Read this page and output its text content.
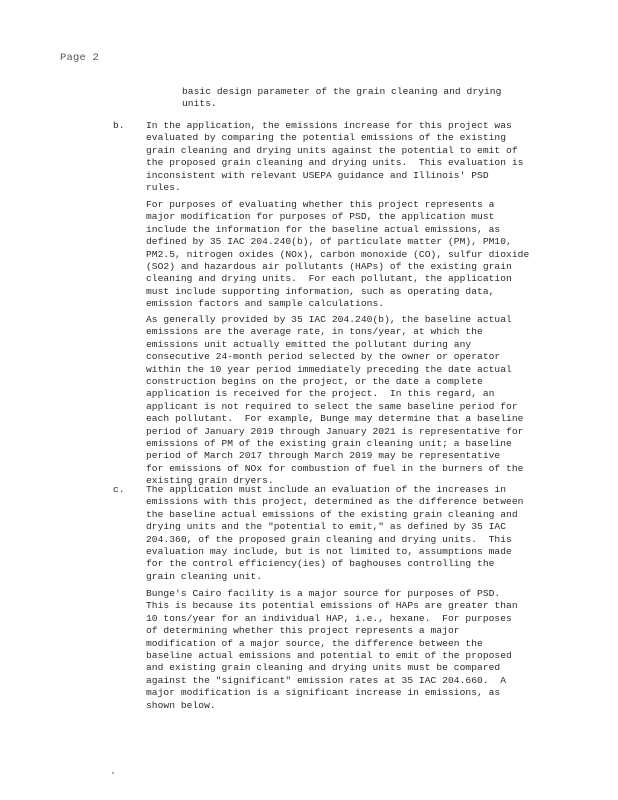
Page 2
basic design parameter of the grain cleaning and drying
units.
b. In the application, the emissions increase for this project was
evaluated by comparing the potential emissions of the existing
grain cleaning and drying units against the potential to emit of
the proposed grain cleaning and drying units.  This evaluation is
inconsistent with relevant USEPA guidance and Illinois' PSD
rules.
For purposes of evaluating whether this project represents a
major modification for purposes of PSD, the application must
include the information for the baseline actual emissions, as
defined by 35 IAC 204.240(b), of particulate matter (PM), PM10,
PM2.5, nitrogen oxides (NOx), carbon monoxide (CO), sulfur dioxide
(SO2) and hazardous air pollutants (HAPs) of the existing grain
cleaning and drying units.  For each pollutant, the application
must include supporting information, such as operating data,
emission factors and sample calculations.
As generally provided by 35 IAC 204.240(b), the baseline actual
emissions are the average rate, in tons/year, at which the
emissions unit actually emitted the pollutant during any
consecutive 24-month period selected by the owner or operator
within the 10 year period immediately preceding the date actual
construction begins on the project, or the date a complete
application is received for the project.  In this regard, an
applicant is not required to select the same baseline period for
each pollutant.  For example, Bunge may determine that a baseline
period of January 2019 through January 2021 is representative for
emissions of PM of the existing grain cleaning unit; a baseline
period of March 2017 through March 2019 may be representative
for emissions of NOx for combustion of fuel in the burners of the
existing grain dryers.
c. The application must include an evaluation of the increases in
emissions with this project, determined as the difference between
the baseline actual emissions of the existing grain cleaning and
drying units and the "potential to emit," as defined by 35 IAC
204.360, of the proposed grain cleaning and drying units.  This
evaluation may include, but is not limited to, assumptions made
for the control efficiency(ies) of baghouses controlling the
grain cleaning unit.
Bunge's Cairo facility is a major source for purposes of PSD.
This is because its potential emissions of HAPs are greater than
10 tons/year for an individual HAP, i.e., hexane.  For purposes
of determining whether this project represents a major
modification of a major source, the difference between the
baseline actual emissions and potential to emit of the proposed
and existing grain cleaning and drying units must be compared
against the "significant" emission rates at 35 IAC 204.660.  A
major modification is a significant increase in emissions, as
shown below.
